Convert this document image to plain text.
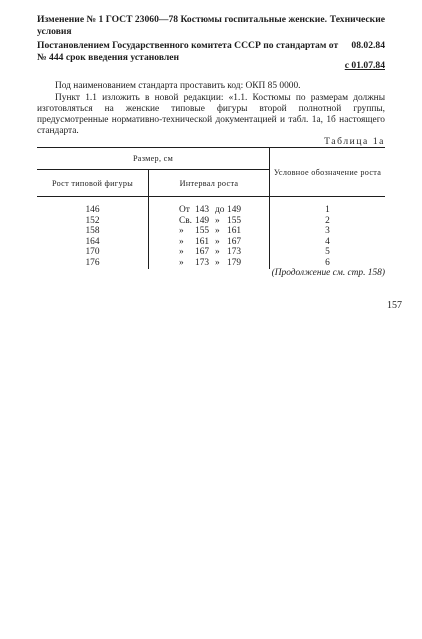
Изменение № 1 ГОСТ 23060—78 Костюмы госпитальные женские. Технические
условия
Постановлением Государственного комитета СССР по стандартам от 08.02.84
№ 444 срок введения установлен
с 01.07.84
Под наименованием стандарта проставить код: ОКП 85 0000.
Пункт 1.1 изложить в новой редакции: «1.1. Костюмы по размерам должны изготовляться на женские типовые фигуры второй полнотной группы, предусмотренные нормативно-технической документацией и табл. 1а, 1б настоящего стандарта.
Таблица 1а
Размер, см		Условное обозначение роста
Рост типовой фигуры	Интервал роста	

146	От 143 до 149	1
152	Св. 149 » 155	2
158	» 155 » 161	3
164	» 161 » 167	4
170	» 167 » 173	5
176	» 173 » 179	6
(Продолжение см. стр. 158)
157
